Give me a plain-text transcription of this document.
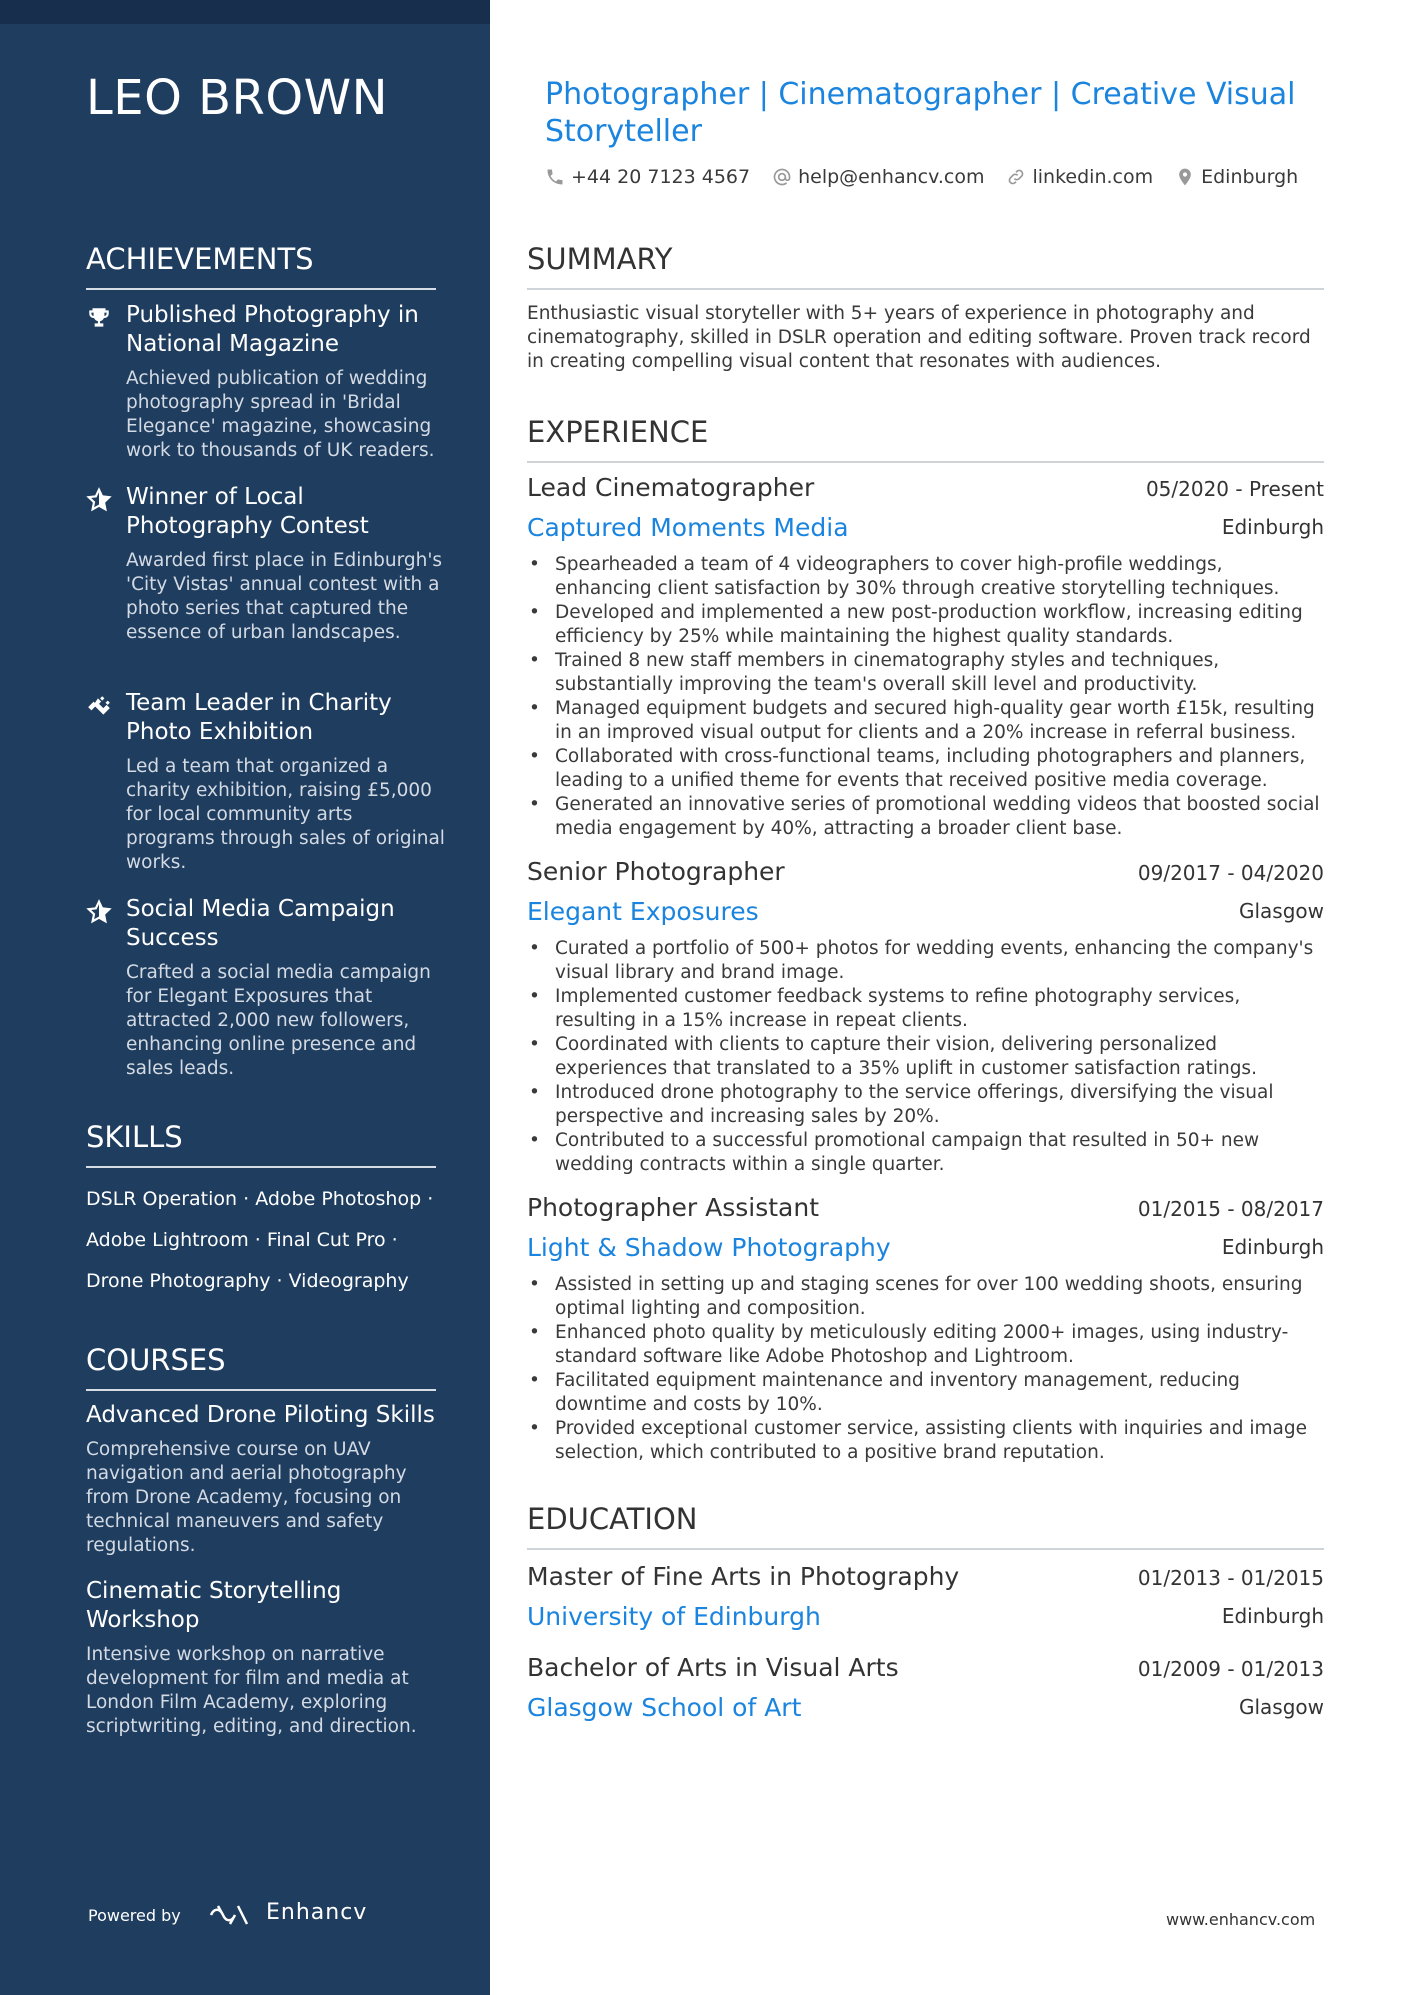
LEO BROWN
ACHIEVEMENTS
Published Photography in National Magazine
Achieved publication of wedding photography spread in 'Bridal Elegance' magazine, showcasing work to thousands of UK readers.
Winner of Local Photography Contest
Awarded first place in Edinburgh's 'City Vistas' annual contest with a photo series that captured the essence of urban landscapes.
Team Leader in Charity Photo Exhibition
Led a team that organized a charity exhibition, raising £5,000 for local community arts programs through sales of original works.
Social Media Campaign Success
Crafted a social media campaign for Elegant Exposures that attracted 2,000 new followers, enhancing online presence and sales leads.
SKILLS
DSLR Operation · Adobe Photoshop ·
Adobe Lightroom · Final Cut Pro ·
Drone Photography · Videography
COURSES
Advanced Drone Piloting Skills
Comprehensive course on UAV navigation and aerial photography from Drone Academy, focusing on technical maneuvers and safety regulations.
Cinematic Storytelling Workshop
Intensive workshop on narrative development for film and media at London Film Academy, exploring scriptwriting, editing, and direction.
Powered by	Enhancv
Photographer | Cinematographer | Creative Visual Storyteller
+44 20 7123 4567	help@enhancv.com	linkedin.com	Edinburgh
SUMMARY
Enthusiastic visual storyteller with 5+ years of experience in photography and cinematography, skilled in DSLR operation and editing software. Proven track record in creating compelling visual content that resonates with audiences.
EXPERIENCE
Lead Cinematographer	05/2020 - Present
Captured Moments Media	Edinburgh
• Spearheaded a team of 4 videographers to cover high-profile weddings, enhancing client satisfaction by 30% through creative storytelling techniques.
• Developed and implemented a new post-production workflow, increasing editing efficiency by 25% while maintaining the highest quality standards.
• Trained 8 new staff members in cinematography styles and techniques, substantially improving the team's overall skill level and productivity.
• Managed equipment budgets and secured high-quality gear worth £15k, resulting in an improved visual output for clients and a 20% increase in referral business.
• Collaborated with cross-functional teams, including photographers and planners, leading to a unified theme for events that received positive media coverage.
• Generated an innovative series of promotional wedding videos that boosted social media engagement by 40%, attracting a broader client base.
Senior Photographer	09/2017 - 04/2020
Elegant Exposures	Glasgow
• Curated a portfolio of 500+ photos for wedding events, enhancing the company's visual library and brand image.
• Implemented customer feedback systems to refine photography services, resulting in a 15% increase in repeat clients.
• Coordinated with clients to capture their vision, delivering personalized experiences that translated to a 35% uplift in customer satisfaction ratings.
• Introduced drone photography to the service offerings, diversifying the visual perspective and increasing sales by 20%.
• Contributed to a successful promotional campaign that resulted in 50+ new wedding contracts within a single quarter.
Photographer Assistant	01/2015 - 08/2017
Light & Shadow Photography	Edinburgh
• Assisted in setting up and staging scenes for over 100 wedding shoots, ensuring optimal lighting and composition.
• Enhanced photo quality by meticulously editing 2000+ images, using industry-standard software like Adobe Photoshop and Lightroom.
• Facilitated equipment maintenance and inventory management, reducing downtime and costs by 10%.
• Provided exceptional customer service, assisting clients with inquiries and image selection, which contributed to a positive brand reputation.
EDUCATION
Master of Fine Arts in Photography	01/2013 - 01/2015
University of Edinburgh	Edinburgh
Bachelor of Arts in Visual Arts	01/2009 - 01/2013
Glasgow School of Art	Glasgow
www.enhancv.com
